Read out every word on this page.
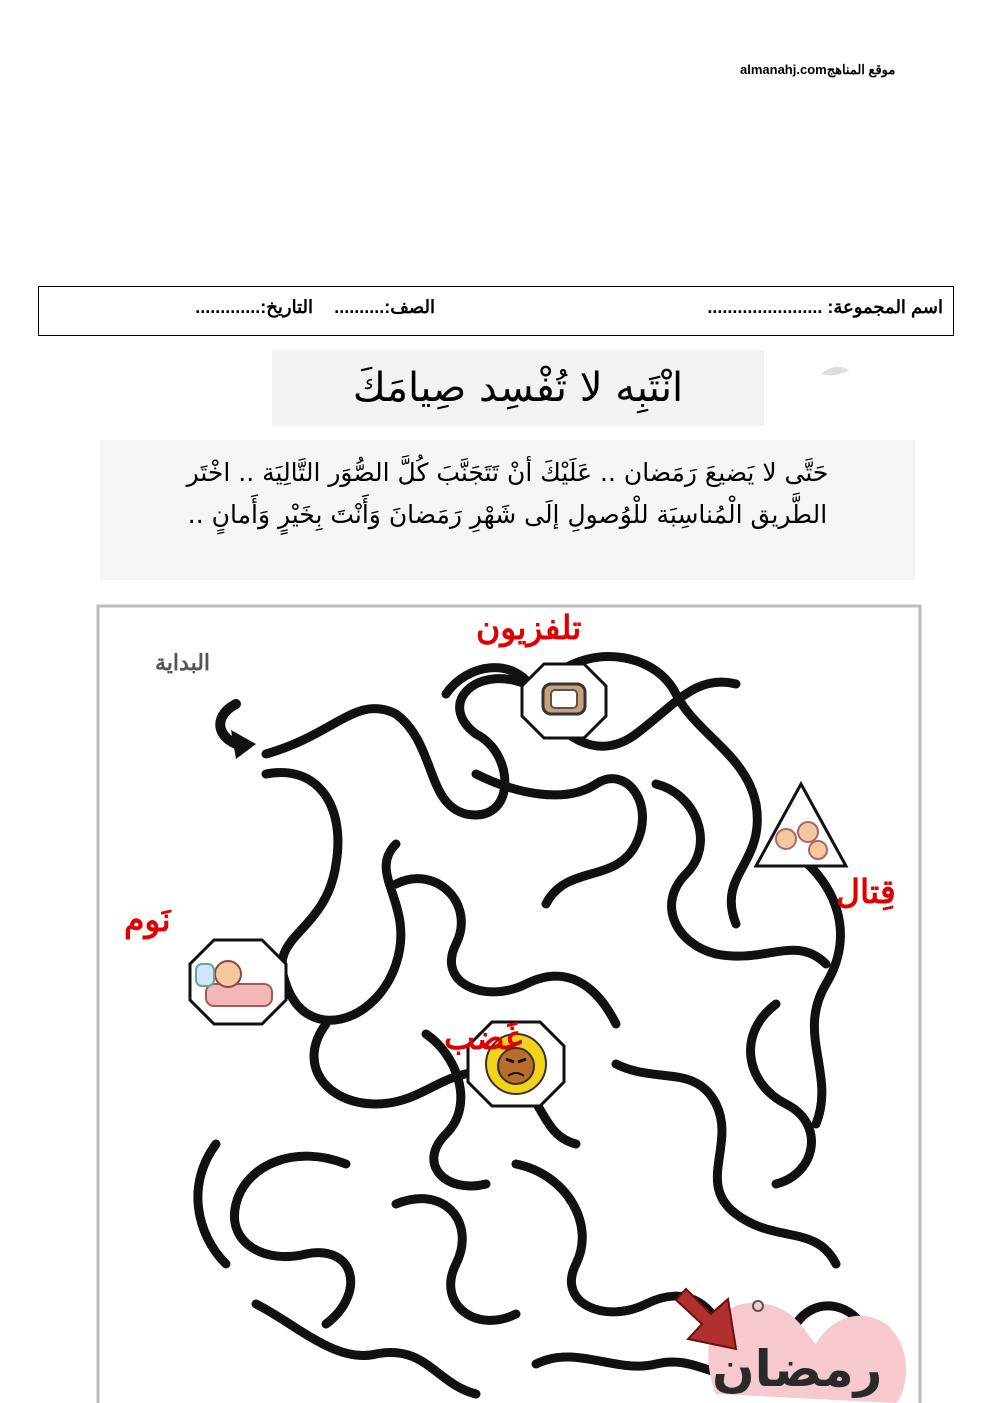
موقع المناهجalmanahj.com
اسم المجموعة: .......................
الصف:..........
التاريخ:.............
انْتَبِه لا تُفْسِد صِيامَكَ
حَتَّى لا يَضيعَ رَمَضان .. عَلَيْكَ أنْ تَتَجَنَّبَ كُلَّ الصُّوَر التَّالِيَة .. اخْتَر
الطَّريق الْمُناسِبَة للْوُصولِ إلَى شَهْرِ رَمَضانَ وَأَنْتَ بِخَيْرٍ وَأَمانٍ ..
البداية
تلفزيون
قِتال
نَوم
غَضب
رمضان
